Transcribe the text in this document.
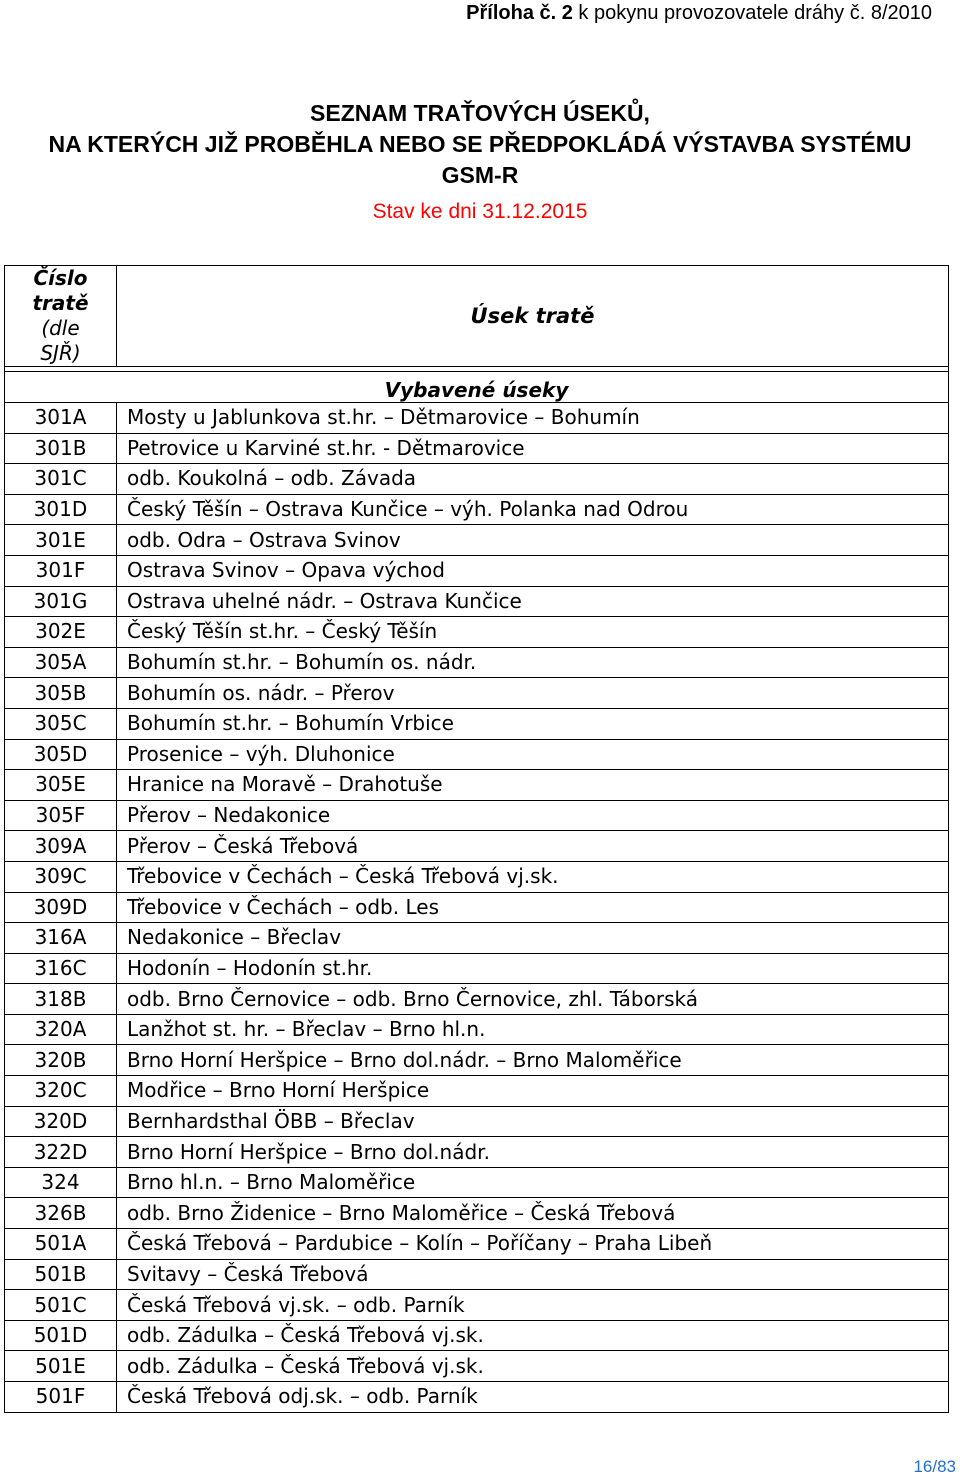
Příloha č. 2 k pokynu provozovatele dráhy č. 8/2010
SEZNAM TRAŤOVÝCH ÚSEKŮ,
NA KTERÝCH JIŽ PROBĚHLA NEBO SE PŘEDPOKLÁDÁ VÝSTAVBA SYSTÉMU
GSM-R
Stav ke dni 31.12.2015
Číslo
tratě
(dle
SJŘ)	Úsek tratě

Vybavené úseky	
301A	Mosty u Jablunkova st.hr. – Dětmarovice – Bohumín
301B	Petrovice u Karviné st.hr. - Dětmarovice
301C	odb. Koukolná – odb. Závada
301D	Český Těšín – Ostrava Kunčice – výh. Polanka nad Odrou
301E	odb. Odra – Ostrava Svinov
301F	Ostrava Svinov – Opava východ
301G	Ostrava uhelné nádr. – Ostrava Kunčice
302E	Český Těšín st.hr. – Český Těšín
305A	Bohumín st.hr. – Bohumín os. nádr.
305B	Bohumín os. nádr. – Přerov
305C	Bohumín st.hr. – Bohumín Vrbice
305D	Prosenice – výh. Dluhonice
305E	Hranice na Moravě – Drahotuše
305F	Přerov – Nedakonice
309A	Přerov – Česká Třebová
309C	Třebovice v Čechách – Česká Třebová vj.sk.
309D	Třebovice v Čechách – odb. Les
316A	Nedakonice – Břeclav
316C	Hodonín – Hodonín st.hr.
318B	odb. Brno Černovice – odb. Brno Černovice, zhl. Táborská
320A	Lanžhot st. hr. – Břeclav – Brno hl.n.
320B	Brno Horní Heršpice – Brno dol.nádr. – Brno Maloměřice
320C	Modřice – Brno Horní Heršpice
320D	Bernhardsthal ÖBB – Břeclav
322D	Brno Horní Heršpice – Brno dol.nádr.
324	Brno hl.n. – Brno Maloměřice
326B	odb. Brno Židenice – Brno Maloměřice – Česká Třebová
501A	Česká Třebová – Pardubice – Kolín – Poříčany – Praha Libeň
501B	Svitavy – Česká Třebová
501C	Česká Třebová vj.sk. – odb. Parník
501D	odb. Zádulka – Česká Třebová vj.sk.
501E	odb. Zádulka – Česká Třebová vj.sk.
501F	Česká Třebová odj.sk. – odb. Parník
16/83
